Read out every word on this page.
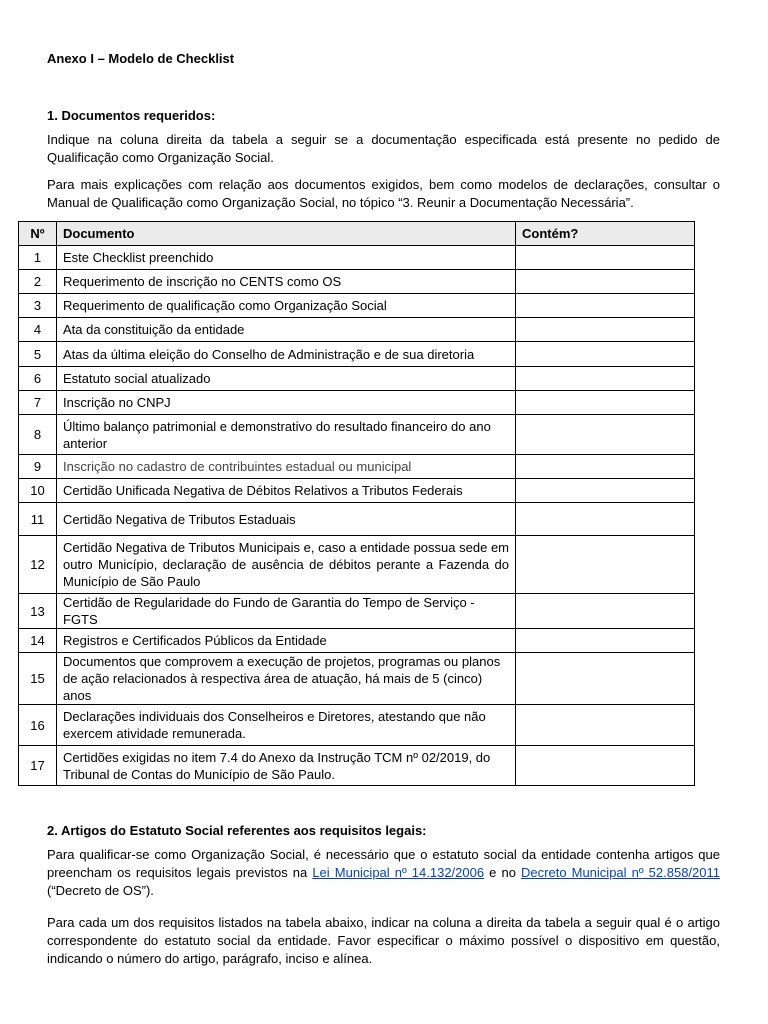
Anexo I – Modelo de Checklist
1. Documentos requeridos:
Indique na coluna direita da tabela a seguir se a documentação especificada está presente no pedido de Qualificação como Organização Social.
Para mais explicações com relação aos documentos exigidos, bem como modelos de declarações, consultar o Manual de Qualificação como Organização Social, no tópico “3. Reunir a Documentação Necessária”.
Nº	Documento	Contém?
1	Este Checklist preenchido	
2	Requerimento de inscrição no CENTS como OS	
3	Requerimento de qualificação como Organização Social	
4	Ata da constituição da entidade	
5	Atas da última eleição do Conselho de Administração e de sua diretoria	
6	Estatuto social atualizado	
7	Inscrição no CNPJ	
8	Último balanço patrimonial e demonstrativo do resultado financeiro do ano anterior	
9	Inscrição no cadastro de contribuintes estadual ou municipal	
10	Certidão Unificada Negativa de Débitos Relativos a Tributos Federais	
11	Certidão Negativa de Tributos Estaduais	
12	Certidão Negativa de Tributos Municipais e, caso a entidade possua sede em outro Município, declaração de ausência de débitos perante a Fazenda do Município de São Paulo	
13	Certidão de Regularidade do Fundo de Garantia do Tempo de Serviço - FGTS	
14	Registros e Certificados Públicos da Entidade	
15	Documentos que comprovem a execução de projetos, programas ou planos de ação relacionados à respectiva área de atuação, há mais de 5 (cinco) anos	
16	Declarações individuais dos Conselheiros e Diretores, atestando que não exercem atividade remunerada.	
17	Certidões exigidas no item 7.4 do Anexo da Instrução TCM nº 02/2019, do Tribunal de Contas do Município de São Paulo.	
2. Artigos do Estatuto Social referentes aos requisitos legais:
Para qualificar-se como Organização Social, é necessário que o estatuto social da entidade contenha artigos que preencham os requisitos legais previstos na Lei Municipal nº 14.132/2006 e no Decreto Municipal nº 52.858/2011 (“Decreto de OS”).
Para cada um dos requisitos listados na tabela abaixo, indicar na coluna a direita da tabela a seguir qual é o artigo correspondente do estatuto social da entidade. Favor especificar o máximo possível o dispositivo em questão, indicando o número do artigo, parágrafo, inciso e alínea.
